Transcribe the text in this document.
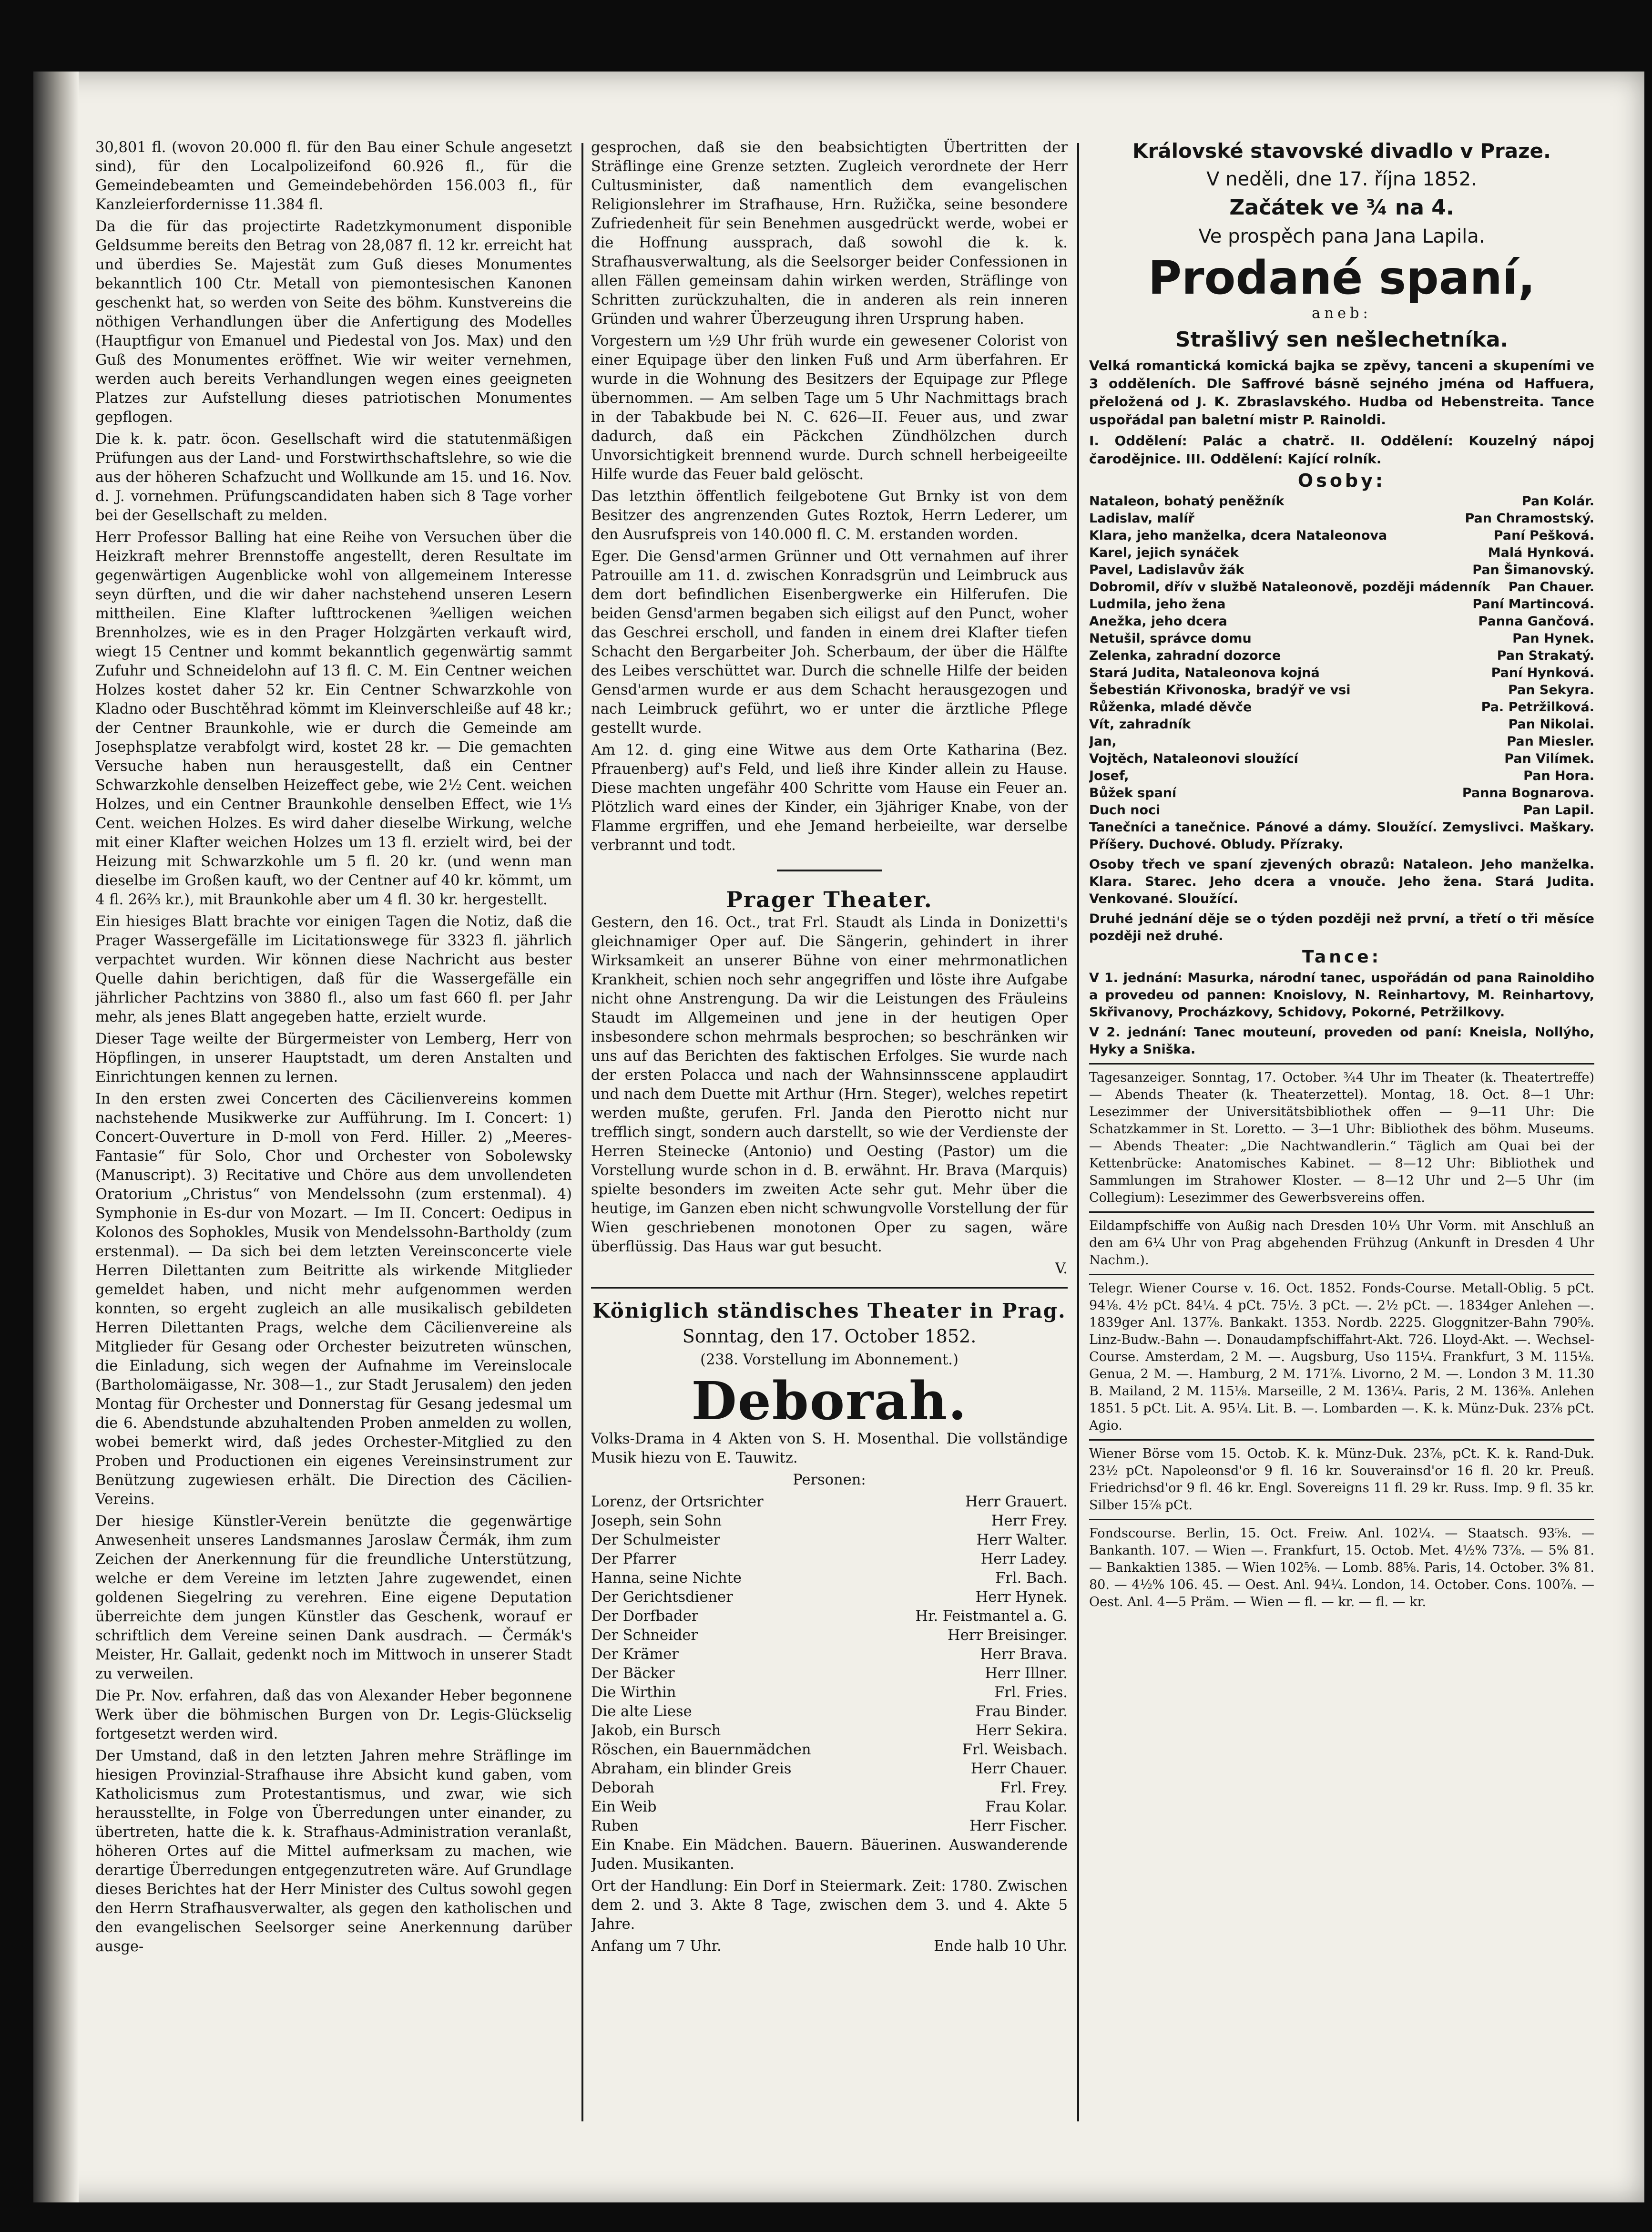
30,801 fl. (wovon 20.000 fl. für den Bau einer Schule angesetzt sind), für den Localpolizeifond 60.926 fl., für die Gemeindebeamten und Gemeindebehörden 156.003 fl., für Kanzleierfordernisse 11.384 fl.

Da die für das projectirte Radetzkymonument disponible Geldsumme bereits den Betrag von 28,087 fl. 12 kr. erreicht hat und überdies Se. Majestät zum Guß dieses Monumentes bekanntlich 100 Ctr. Metall von piemontesischen Kanonen geschenkt hat, so werden von Seite des böhm. Kunstvereins die nöthigen Verhandlungen über die Anfertigung des Modelles (Hauptfigur von Emanuel und Piedestal von Jos. Max) und den Guß des Monumentes eröffnet. Wie wir weiter vernehmen, werden auch bereits Verhandlungen wegen eines geeigneten Platzes zur Aufstellung dieses patriotischen Monumentes gepflogen.

Die k. k. patr. öcon. Gesellschaft wird die statutenmäßigen Prüfungen aus der Land- und Forstwirthschaftslehre, so wie die aus der höheren Schafzucht und Wollkunde am 15. und 16. Nov. d. J. vornehmen. Prüfungscandidaten haben sich 8 Tage vorher bei der Gesellschaft zu melden.

Herr Professor Balling hat eine Reihe von Versuchen über die Heizkraft mehrer Brennstoffe angestellt, deren Resultate im gegenwärtigen Augenblicke wohl von allgemeinem Interesse seyn dürften, und die wir daher nachstehend unseren Lesern mittheilen. Eine Klafter lufttrockenen ¾elligen weichen Brennholzes, wie es in den Prager Holzgärten verkauft wird, wiegt 15 Centner und kommt bekanntlich gegenwärtig sammt Zufuhr und Schneidelohn auf 13 fl. C. M. Ein Centner weichen Holzes kostet daher 52 kr. Ein Centner Schwarzkohle von Kladno oder Buschtěhrad kömmt im Kleinverschleiße auf 48 kr.; der Centner Braunkohle, wie er durch die Gemeinde am Josephsplatze verabfolgt wird, kostet 28 kr. — Die gemachten Versuche haben nun herausgestellt, daß ein Centner Schwarzkohle denselben Heizeffect gebe, wie 2½ Cent. weichen Holzes, und ein Centner Braunkohle denselben Effect, wie 1⅓ Cent. weichen Holzes. Es wird daher dieselbe Wirkung, welche mit einer Klafter weichen Holzes um 13 fl. erzielt wird, bei der Heizung mit Schwarzkohle um 5 fl. 20 kr. (und wenn man dieselbe im Großen kauft, wo der Centner auf 40 kr. kömmt, um 4 fl. 26⅔ kr.), mit Braunkohle aber um 4 fl. 30 kr. hergestellt.

Ein hiesiges Blatt brachte vor einigen Tagen die Notiz, daß die Prager Wassergefälle im Licitationswege für 3323 fl. jährlich verpachtet wurden. Wir können diese Nachricht aus bester Quelle dahin berichtigen, daß für die Wassergefälle ein jährlicher Pachtzins von 3880 fl., also um fast 660 fl. per Jahr mehr, als jenes Blatt angegeben hatte, erzielt wurde.

Dieser Tage weilte der Bürgermeister von Lemberg, Herr von Höpflingen, in unserer Hauptstadt, um deren Anstalten und Einrichtungen kennen zu lernen.

In den ersten zwei Concerten des Cäcilienvereins kommen nachstehende Musikwerke zur Aufführung. Im I. Concert: 1) Concert-Ouverture in D-moll von Ferd. Hiller. 2) „Meeres-Fantasie“ für Solo, Chor und Orchester von Sobolewsky (Manuscript). 3) Recitative und Chöre aus dem unvollendeten Oratorium „Christus“ von Mendelssohn (zum erstenmal). 4) Symphonie in Es-dur von Mozart. — Im II. Concert: Oedipus in Kolonos des Sophokles, Musik von Mendelssohn-Bartholdy (zum erstenmal). — Da sich bei dem letzten Vereinsconcerte viele Herren Dilettanten zum Beitritte als wirkende Mitglieder gemeldet haben, und nicht mehr aufgenommen werden konnten, so ergeht zugleich an alle musikalisch gebildeten Herren Dilettanten Prags, welche dem Cäcilienvereine als Mitglieder für Gesang oder Orchester beizutreten wünschen, die Einladung, sich wegen der Aufnahme im Vereinslocale (Bartholomäigasse, Nr. 308—1., zur Stadt Jerusalem) den jeden Montag für Orchester und Donnerstag für Gesang jedesmal um die 6. Abendstunde abzuhaltenden Proben anmelden zu wollen, wobei bemerkt wird, daß jedes Orchester-Mitglied zu den Proben und Productionen ein eigenes Vereinsinstrument zur Benützung zugewiesen erhält. Die Direction des Cäcilien-Vereins.

Der hiesige Künstler-Verein benützte die gegenwärtige Anwesenheit unseres Landsmannes Jaroslaw Čermák, ihm zum Zeichen der Anerkennung für die freundliche Unterstützung, welche er dem Vereine im letzten Jahre zugewendet, einen goldenen Siegelring zu verehren. Eine eigene Deputation überreichte dem jungen Künstler das Geschenk, worauf er schriftlich dem Vereine seinen Dank ausdrach. — Čermák's Meister, Hr. Gallait, gedenkt noch im Mittwoch in unserer Stadt zu verweilen.

Die Pr. Nov. erfahren, daß das von Alexander Heber begonnene Werk über die böhmischen Burgen von Dr. Legis-Glückselig fortgesetzt werden wird.

Der Umstand, daß in den letzten Jahren mehre Sträflinge im hiesigen Provinzial-Strafhause ihre Absicht kund gaben, vom Katholicismus zum Protestantismus, und zwar, wie sich herausstellte, in Folge von Überredungen unter einander, zu übertreten, hatte die k. k. Strafhaus-Administration veranlaßt, höheren Ortes auf die Mittel aufmerksam zu machen, wie derartige Überredungen entgegenzutreten wäre. Auf Grundlage dieses Berichtes hat der Herr Minister des Cultus sowohl gegen den Herrn Strafhausverwalter, als gegen den katholischen und den evangelischen Seelsorger seine Anerkennung darüber ausge-

gesprochen, daß sie den beabsichtigten Übertritten der Sträflinge eine Grenze setzten. Zugleich verordnete der Herr Cultusminister, daß namentlich dem evangelischen Religionslehrer im Strafhause, Hrn. Ružička, seine besondere Zufriedenheit für sein Benehmen ausgedrückt werde, wobei er die Hoffnung aussprach, daß sowohl die k. k. Strafhausverwaltung, als die Seelsorger beider Confessionen in allen Fällen gemeinsam dahin wirken werden, Sträflinge von Schritten zurückzuhalten, die in anderen als rein inneren Gründen und wahrer Überzeugung ihren Ursprung haben.

Vorgestern um ½9 Uhr früh wurde ein gewesener Colorist von einer Equipage über den linken Fuß und Arm überfahren. Er wurde in die Wohnung des Besitzers der Equipage zur Pflege übernommen. — Am selben Tage um 5 Uhr Nachmittags brach in der Tabakbude bei N. C. 626—II. Feuer aus, und zwar dadurch, daß ein Päckchen Zündhölzchen durch Unvorsichtigkeit brennend wurde. Durch schnell herbeigeeilte Hilfe wurde das Feuer bald gelöscht.

Das letzthin öffentlich feilgebotene Gut Brnky ist von dem Besitzer des angrenzenden Gutes Roztok, Herrn Lederer, um den Ausrufspreis von 140.000 fl. C. M. erstanden worden.

Eger. Die Gensd'armen Grünner und Ott vernahmen auf ihrer Patrouille am 11. d. zwischen Konradsgrün und Leimbruck aus dem dort befindlichen Eisenbergwerke ein Hilferufen. Die beiden Gensd'armen begaben sich eiligst auf den Punct, woher das Geschrei erscholl, und fanden in einem drei Klafter tiefen Schacht den Bergarbeiter Joh. Scherbaum, der über die Hälfte des Leibes verschüttet war. Durch die schnelle Hilfe der beiden Gensd'armen wurde er aus dem Schacht herausgezogen und nach Leimbruck geführt, wo er unter die ärztliche Pflege gestellt wurde.

Am 12. d. ging eine Witwe aus dem Orte Katharina (Bez. Pfrauenberg) auf's Feld, und ließ ihre Kinder allein zu Hause. Diese machten ungefähr 400 Schritte vom Hause ein Feuer an. Plötzlich ward eines der Kinder, ein 3jähriger Knabe, von der Flamme ergriffen, und ehe Jemand herbeieilte, war derselbe verbrannt und todt.

Prager Theater.

Gestern, den 16. Oct., trat Frl. Staudt als Linda in Donizetti's gleichnamiger Oper auf. Die Sängerin, gehindert in ihrer Wirksamkeit an unserer Bühne von einer mehrmonatlichen Krankheit, schien noch sehr angegriffen und löste ihre Aufgabe nicht ohne Anstrengung. Da wir die Leistungen des Fräuleins Staudt im Allgemeinen und jene in der heutigen Oper insbesondere schon mehrmals besprochen; so beschränken wir uns auf das Berichten des faktischen Erfolges. Sie wurde nach der ersten Polacca und nach der Wahnsinnsscene applaudirt und nach dem Duette mit Arthur (Hrn. Steger), welches repetirt werden mußte, gerufen. Frl. Janda den Pierotto nicht nur trefflich singt, sondern auch darstellt, so wie der Verdienste der Herren Steinecke (Antonio) und Oesting (Pastor) um die Vorstellung wurde schon in d. B. erwähnt. Hr. Brava (Marquis) spielte besonders im zweiten Acte sehr gut. Mehr über die heutige, im Ganzen eben nicht schwungvolle Vorstellung der für Wien geschriebenen monotonen Oper zu sagen, wäre überflüssig. Das Haus war gut besucht.

V.

Königlich ständisches Theater in Prag.

Sonntag, den 17. October 1852.

(238. Vorstellung im Abonnement.)

Deborah.

Volks-Drama in 4 Akten von S. H. Mosenthal. Die vollständige Musik hiezu von E. Tauwitz.

Personen:

Lorenz, der Ortsrichter	Herr Grauert.
Joseph, sein Sohn	Herr Frey.
Der Schulmeister	Herr Walter.
Der Pfarrer	Herr Ladey.
Hanna, seine Nichte	Frl. Bach.
Der Gerichtsdiener	Herr Hynek.
Der Dorfbader	Hr. Feistmantel a. G.
Der Schneider	Herr Breisinger.
Der Krämer	Herr Brava.
Der Bäcker	Herr Illner.
Die Wirthin	Frl. Fries.
Die alte Liese	Frau Binder.
Jakob, ein Bursch	Herr Sekira.
Röschen, ein Bauernmädchen	Frl. Weisbach.
Abraham, ein blinder Greis	Herr Chauer.
Deborah	Frl. Frey.
Ein Weib	Frau Kolar.
Ruben	Herr Fischer.

Ein Knabe. Ein Mädchen. Bauern. Bäuerinen. Auswanderende Juden. Musikanten.

Ort der Handlung: Ein Dorf in Steiermark. Zeit: 1780. Zwischen dem 2. und 3. Akte 8 Tage, zwischen dem 3. und 4. Akte 5 Jahre.

Anfang um 7 Uhr.	Ende halb 10 Uhr.

Královské stavovské divadlo v Praze.

V neděli, dne 17. října 1852.

Začátek ve ¾ na 4.

Ve prospěch pana Jana Lapila.

Prodané spaní,

aneb:

Strašlivý sen nešlechetníka.

Velká romantická komická bajka se zpěvy, tanceni a skupeními ve 3 odděleních. Dle Saffrové básně sejného jména od Haffuera, přeložená od J. K. Zbraslavského. Hudba od Hebenstreita. Tance uspořádal pan baletní mistr P. Rainoldi.

I. Oddělení: Palác a chatrč. II. Oddělení: Kouzelný nápoj čarodějnice. III. Oddělení: Kající rolník.

Osoby:

Nataleon, bohatý peněžník	Pan Kolár.
Ladislav, malíř	Pan Chramostský.
Klara, jeho manželka, dcera Nataleonova	Paní Pešková.
Karel, jejich synáček	Malá Hynková.
Pavel, Ladislavův žák	Pan Šimanovský.
Dobromil, dřív v službě Nataleonově, později mádenník	Pan Chauer.
Ludmila, jeho žena	Paní Martincová.
Anežka, jeho dcera	Panna Gančová.
Netušil, správce domu	Pan Hynek.
Zelenka, zahradní dozorce	Pan Strakatý.
Stará Judita, Nataleonova kojná	Paní Hynková.
Šebestián Křivonoska, bradýř ve vsi	Pan Sekyra.
Růženka, mladé děvče	Pa. Petržilková.
Vít, zahradník	Pan Nikolai.
Jan,	Pan Miesler.
Vojtěch, Nataleonovi sloužící	Pan Vilímek.
Josef,	Pan Hora.
Bůžek spaní	Panna Bognarova.
Duch noci	Pan Lapil.

Tanečníci a tanečnice. Pánové a dámy. Sloužící. Zemyslivci. Maškary. Příšery. Duchové. Obludy. Přízraky.

Osoby třech ve spaní zjevených obrazů: Nataleon. Jeho manželka. Klara. Starec. Jeho dcera a vnouče. Jeho žena. Stará Judita. Venkované. Sloužící.

Druhé jednání děje se o týden později než první, a třetí o tři měsíce později než druhé.

Tance:

V 1. jednání: Masurka, národní tanec, uspořádán od pana Rainoldiho a provedeu od pannen: Knoislovy, N. Reinhartovy, M. Reinhartovy, Skřivanovy, Procházkovy, Schidovy, Pokorné, Petržilkovy.

V 2. jednání: Tanec mouteuní, proveden od paní: Kneisla, Nollýho, Hyky a Sniška.

Tagesanzeiger. Sonntag, 17. October. ¾4 Uhr im Theater (k. Theatertreffe) — Abends Theater (k. Theaterzettel). Montag, 18. Oct. 8—1 Uhr: Lesezimmer der Universitätsbibliothek offen — 9—11 Uhr: Die Schatzkammer in St. Loretto. — 3—1 Uhr: Bibliothek des böhm. Museums. — Abends Theater: „Die Nachtwandlerin.“ Täglich am Quai bei der Kettenbrücke: Anatomisches Kabinet. — 8—12 Uhr: Bibliothek und Sammlungen im Strahower Kloster. — 8—12 Uhr und 2—5 Uhr (im Collegium): Lesezimmer des Gewerbsvereins offen.

Eildampfschiffe von Außig nach Dresden 10⅓ Uhr Vorm. mit Anschluß an den am 6¼ Uhr von Prag abgehenden Frühzug (Ankunft in Dresden 4 Uhr Nachm.).

Telegr. Wiener Course v. 16. Oct. 1852. Fonds-Course. Metall-Oblig. 5 pCt. 94⅛. 4½ pCt. 84¼. 4 pCt. 75½. 3 pCt. —. 2½ pCt. —. 1834ger Anlehen —. 1839ger Anl. 137⅞. Bankakt. 1353. Nordb. 2225. Gloggnitzer-Bahn 790⅝. Linz-Budw.-Bahn —. Donaudampfschiffahrt-Akt. 726. Lloyd-Akt. —. Wechsel-Course. Amsterdam, 2 M. —. Augsburg, Uso 115¼. Frankfurt, 3 M. 115⅛. Genua, 2 M. —. Hamburg, 2 M. 171⅞. Livorno, 2 M. —. London 3 M. 11.30 B. Mailand, 2 M. 115⅛. Marseille, 2 M. 136¼. Paris, 2 M. 136⅜. Anlehen 1851. 5 pCt. Lit. A. 95¼. Lit. B. —. Lombarden —. K. k. Münz-Duk. 23⅞ pCt. Agio.

Wiener Börse vom 15. Octob. K. k. Münz-Duk. 23⅞, pCt. K. k. Rand-Duk. 23½ pCt. Napoleonsd'or 9 fl. 16 kr. Souverainsd'or 16 fl. 20 kr. Preuß. Friedrichsd'or 9 fl. 46 kr. Engl. Sovereigns 11 fl. 29 kr. Russ. Imp. 9 fl. 35 kr. Silber 15⅞ pCt.

Fondscourse. Berlin, 15. Oct. Freiw. Anl. 102¼. — Staatsch. 93⅝. — Bankanth. 107. — Wien —. Frankfurt, 15. Octob. Met. 4½% 73⅞. — 5% 81. — Bankaktien 1385. — Wien 102⅝. — Lomb. 88⅝. Paris, 14. October. 3% 81. 80. — 4½% 106. 45. — Oest. Anl. 94¼. London, 14. October. Cons. 100⅞. — Oest. Anl. 4—5 Präm. — Wien — fl. — kr. — fl. — kr.
